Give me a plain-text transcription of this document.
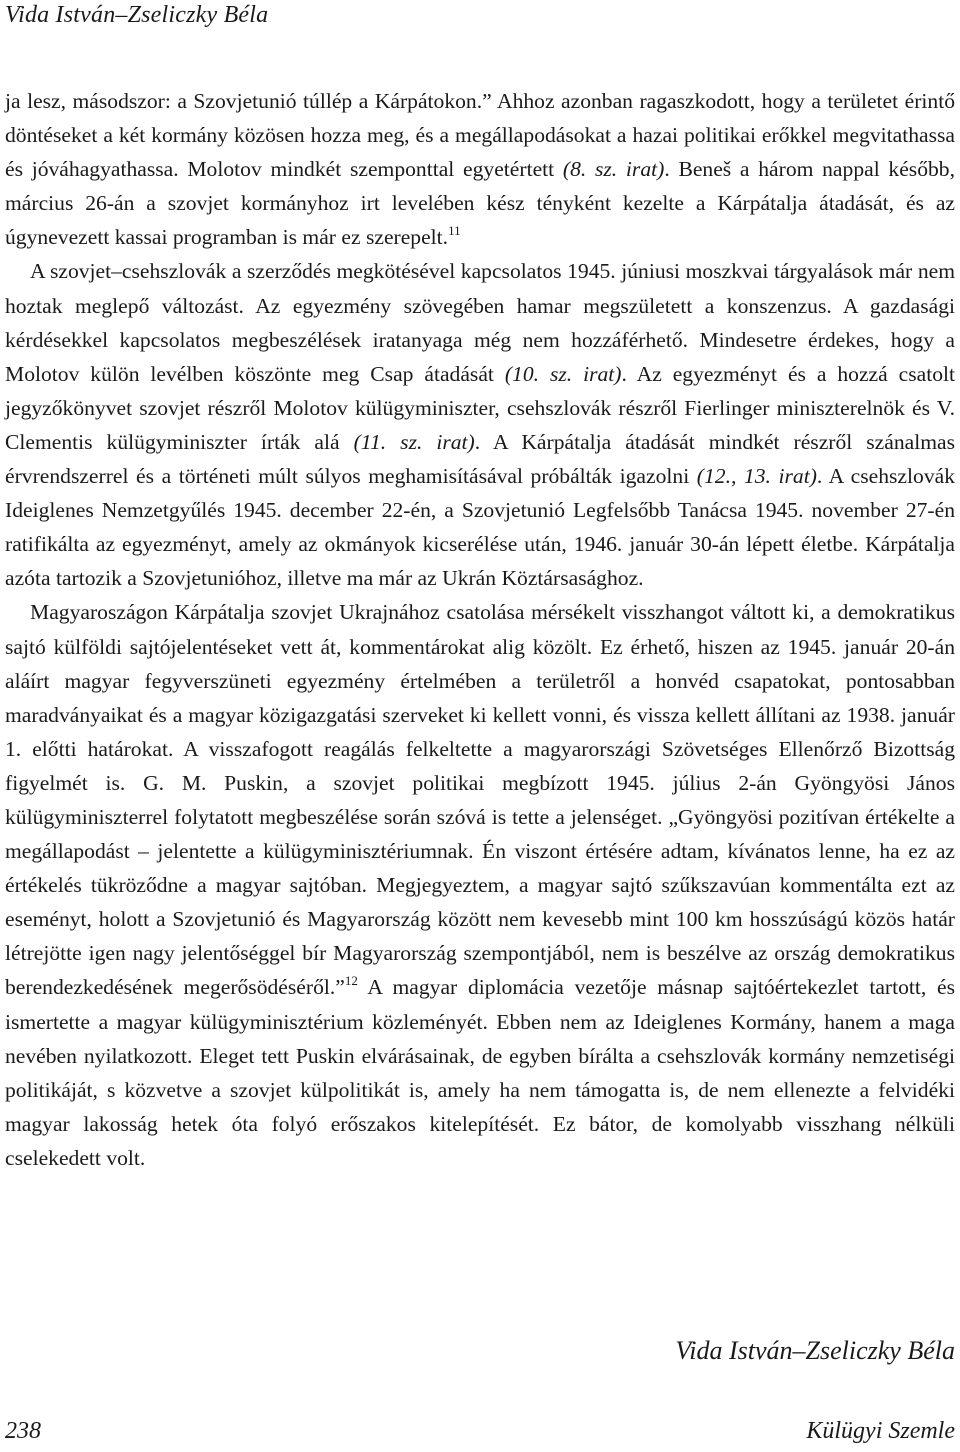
Vida István–Zseliczky Béla

ja lesz, másodszor: a Szovjetunió túllép a Kárpátokon.” Ahhoz azonban ragaszkodott, hogy a területet érintő döntéseket a két kormány közösen hozza meg, és a megállapodásokat a hazai politikai erőkkel megvitathassa és jóváhagyathassa. Molotov mindkét szemponttal egyetértett (8. sz. irat). Beneš a három nappal később, március 26-án a szovjet kormányhoz irt levelében kész tényként kezelte a Kárpátalja átadását, és az úgynevezett kassai programban is már ez szerepelt.$^{11}$

A szovjet–csehszlovák a szerződés megkötésével kapcsolatos 1945. júniusi moszkvai tárgyalások már nem hoztak meglepő változást. Az egyezmény szövegében hamar megszületett a konszenzus. A gazdasági kérdésekkel kapcsolatos megbeszélések iratanyaga még nem hozzáférhető. Mindesetre érdekes, hogy a Molotov külön levélben köszönte meg Csap átadását (10. sz. irat). Az egyezményt és a hozzá csatolt jegyzőkönyvet szovjet részről Molotov külügyminiszter, csehszlovák részről Fierlinger miniszterelnök és V. Clementis külügyminiszter írták alá (11. sz. irat). A Kárpátalja átadását mindkét részről szánalmas érvrendszerrel és a történeti múlt súlyos meghamisításával próbálták igazolni (12., 13. irat). A csehszlovák Ideiglenes Nemzetgyűlés 1945. december 22-én, a Szovjetunió Legfelsőbb Tanácsa 1945. november 27-én ratifikálta az egyezményt, amely az okmányok kicserélése után, 1946. január 30-án lépett életbe. Kárpátalja azóta tartozik a Szovjetunióhoz, illetve ma már az Ukrán Köztársasághoz.

Magyaroszágon Kárpátalja szovjet Ukrajnához csatolása mérsékelt visszhangot váltott ki, a demokratikus sajtó külföldi sajtójelentéseket vett át, kommentárokat alig közölt. Ez érhető, hiszen az 1945. január 20-án aláírt magyar fegyverszüneti egyezmény értelmében a területről a honvéd csapatokat, pontosabban maradványaikat és a magyar közigazgatási szerveket ki kellett vonni, és vissza kellett állítani az 1938. január 1. előtti határokat. A visszafogott reagálás felkeltette a magyarországi Szövetséges Ellenőrző Bizottság figyelmét is. G. M. Puskin, a szovjet politikai megbízott 1945. július 2-án Gyöngyösi János külügyminiszterrel folytatott megbeszélése során szóvá is tette a jelenséget. „Gyöngyösi pozitívan értékelte a megállapodást – jelentette a külügyminisztériumnak. Én viszont értésére adtam, kívánatos lenne, ha ez az értékelés tükröződne a magyar sajtóban. Megjegyeztem, a magyar sajtó szűkszavúan kommentálta ezt az eseményt, holott a Szovjetunió és Magyarország között nem kevesebb mint 100 km hosszúságú közös határ létrejötte igen nagy jelentőséggel bír Magyarország szempontjából, nem is beszélve az ország demokratikus berendezkedésének megerősödéséről.”$^{12}$ A magyar diplomácia vezetője másnap sajtóértekezlet tartott, és ismertette a magyar külügyminisztérium közleményét. Ebben nem az Ideiglenes Kormány, hanem a maga nevében nyilatkozott. Eleget tett Puskin elvárásainak, de egyben bírálta a csehszlovák kormány nemzetiségi politikáját, s közvetve a szovjet külpolitikát is, amely ha nem támogatta is, de nem ellenezte a felvidéki magyar lakosság hetek óta folyó erőszakos kitelepítését. Ez bátor, de komolyabb visszhang nélküli cselekedett volt.

Vida István–Zseliczky Béla
238	Külügyi Szemle
